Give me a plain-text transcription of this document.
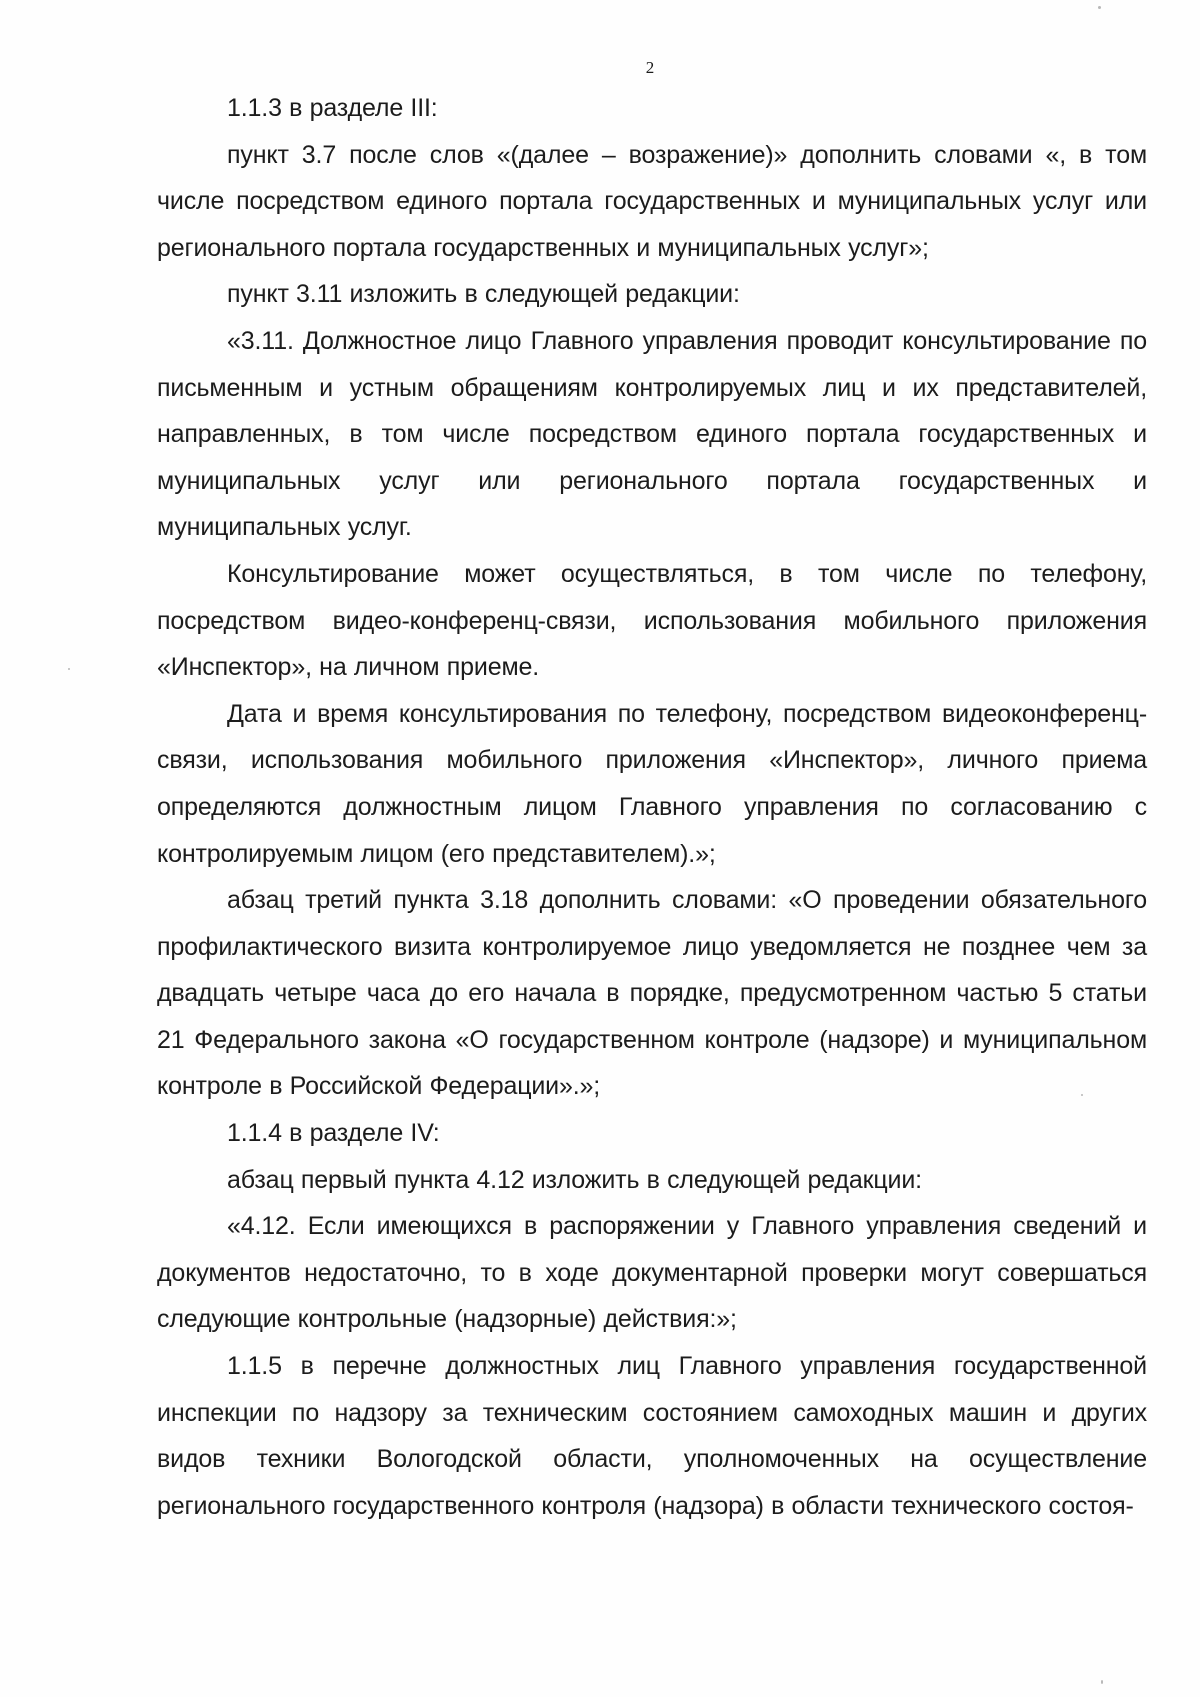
2

1.1.3 в разделе III:

пункт 3.7 после слов «(далее – возражение)» дополнить словами «, в том числе посредством единого портала государственных и муниципальных услуг или регионального портала государственных и муниципальных услуг»;

пункт 3.11 изложить в следующей редакции:

«3.11. Должностное лицо Главного управления проводит консультирование по письменным и устным обращениям контролируемых лиц и их представителей, направленных, в том числе посредством единого портала государственных и муниципальных услуг или регионального портала государственных и муниципальных услуг.

Консультирование может осуществляться, в том числе по телефону, посредством видео-конференц-связи, использования мобильного приложения «Инспектор», на личном приеме.

Дата и время консультирования по телефону, посредством видеоконференц-связи, использования мобильного приложения «Инспектор», личного приема определяются должностным лицом Главного управления по согласованию с контролируемым лицом (его представителем).»;

абзац третий пункта 3.18 дополнить словами: «О проведении обязательного профилактического визита контролируемое лицо уведомляется не позднее чем за двадцать четыре часа до его начала в порядке, предусмотренном частью 5 статьи 21 Федерального закона «О государственном контроле (надзоре) и муниципальном контроле в Российской Федерации».»;

1.1.4 в разделе IV:

абзац первый пункта 4.12 изложить в следующей редакции:

«4.12. Если имеющихся в распоряжении у Главного управления сведений и документов недостаточно, то в ходе документарной проверки могут совершаться следующие контрольные (надзорные) действия:»;

1.1.5 в перечне должностных лиц Главного управления государственной инспекции по надзору за техническим состоянием самоходных машин и других видов техники Вологодской области, уполномоченных на осуществление регионального государственного контроля (надзора) в области технического состоя-
